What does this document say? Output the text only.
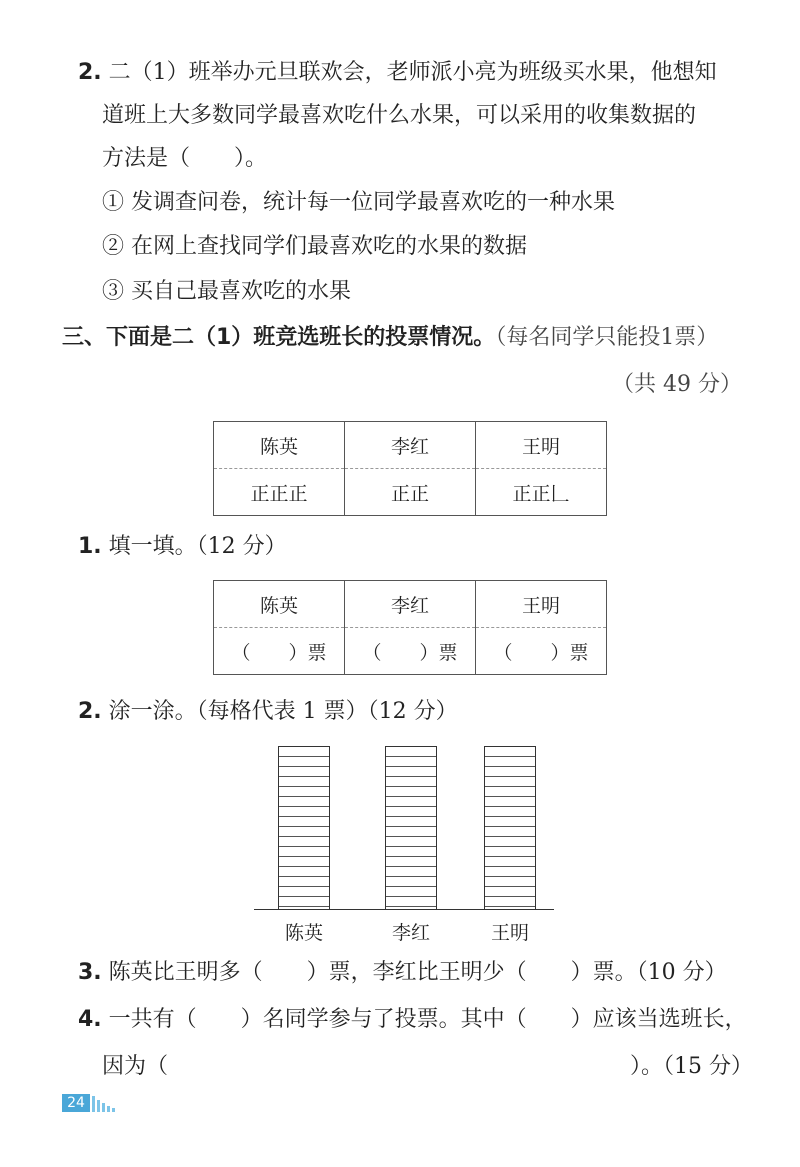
2. 二（1）班举办元旦联欢会，老师派小亮为班级买水果，他想知
道班上大多数同学最喜欢吃什么水果，可以采用的收集数据的
方法是（　　）。
① 发调查问卷，统计每一位同学最喜欢吃的一种水果
② 在网上查找同学们最喜欢吃的水果的数据
③ 买自己最喜欢吃的水果
三、下面是二（1）班竞选班长的投票情况。（每名同学只能投1票）
（共 49 分）
陈英	李红	王明
正正正	正正	正正𠃊
1. 填一填。（12 分）
陈英	李红	王明
（　　）票	（　　）票	（　　）票
2. 涂一涂。（每格代表 1 票）（12 分）
陈英	李红	王明
3. 陈英比王明多（　　）票，李红比王明少（　　）票。（10 分）
4. 一共有（　　）名同学参与了投票。其中（　　）应该当选班长，
因为（　　　　　　　　　　　　　　　　　　　　　）。（15 分）
24
